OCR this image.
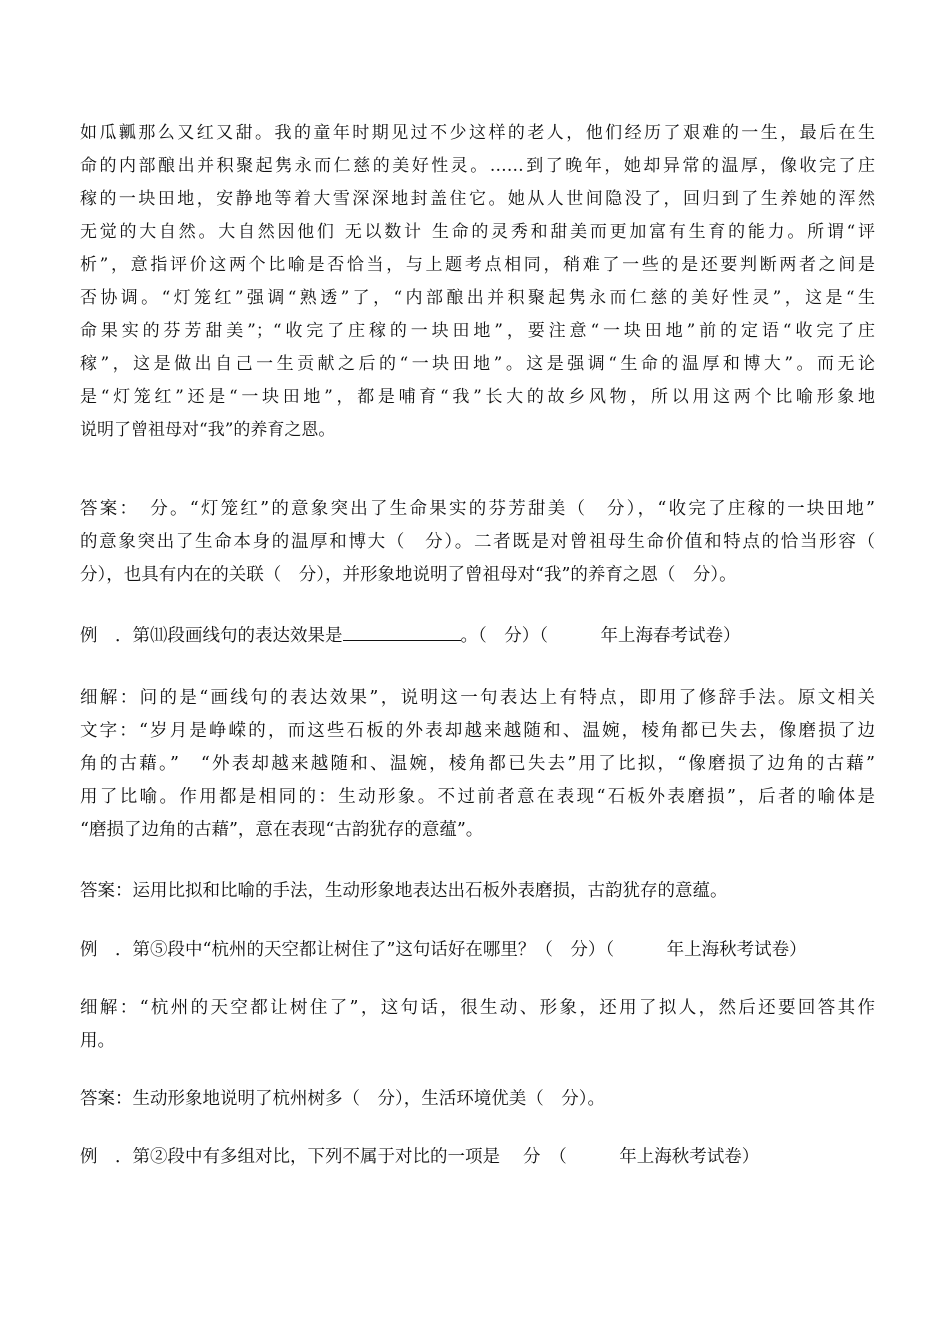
如瓜瓤那么又红又甜。我的童年时期见过不少这样的老人，他们经历了艰难的一生，最后在生
命的内部酿出并积聚起隽永而仁慈的美好性灵。……到了晚年，她却异常的温厚，像收完了庄
稼的一块田地，安静地等着大雪深深地封盖住它。她从人世间隐没了，回归到了生养她的浑然
无觉的大自然。大自然因他们 无以数计 生命的灵秀和甜美而更加富有生育的能力。所谓“评
析”，意指评价这两个比喻是否恰当，与上题考点相同，稍难了一些的是还要判断两者之间是
否协调。“灯笼红”强调“熟透”了，“内部酿出并积聚起隽永而仁慈的美好性灵”，这是“生
命果实的芬芳甜美”；“收完了庄稼的一块田地”，要注意“一块田地”前的定语“收完了庄
稼”，这是做出自己一生贡献之后的“一块田地”。这是强调“生命的温厚和博大”。而无论
是“灯笼红”还是“一块田地”，都是哺育“我”长大的故乡风物，所以用这两个比喻形象地
说明了曾祖母对“我”的养育之恩。
答案：　分。“灯笼红”的意象突出了生命果实的芬芳甜美（　分），“收完了庄稼的一块田地”
的意象突出了生命本身的温厚和博大（　分）。二者既是对曾祖母生命价值和特点的恰当形容（
分），也具有内在的关联（　分），并形象地说明了曾祖母对“我”的养育之恩（　分）。
例　．第⑾段画线句的表达效果是	。（　分）（　　　年上海春考试卷）
细解：问的是“画线句的表达效果”，说明这一句表达上有特点，即用了修辞手法。原文相关
文字：“岁月是峥嵘的，而这些石板的外表却越来越随和、温婉，棱角都已失去，像磨损了边
角的古藉。”　“外表却越来越随和、温婉，棱角都已失去”用了比拟，“像磨损了边角的古藉”
用了比喻。作用都是相同的：生动形象。不过前者意在表现“石板外表磨损”，后者的喻体是
“磨损了边角的古藉”，意在表现“古韵犹存的意蕴”。
答案：运用比拟和比喻的手法，生动形象地表达出石板外表磨损，古韵犹存的意蕴。
例　．第⑤段中“杭州的天空都让树住了”这句话好在哪里？（　分）（　　　年上海秋考试卷）
细解：“杭州的天空都让树住了”，这句话，很生动、形象，还用了拟人，然后还要回答其作
用。
答案：生动形象地说明了杭州树多（　分），生活环境优美（　分）。
例　．第②段中有多组对比，下列不属于对比的一项是　 分　（　　　年上海秋考试卷）
